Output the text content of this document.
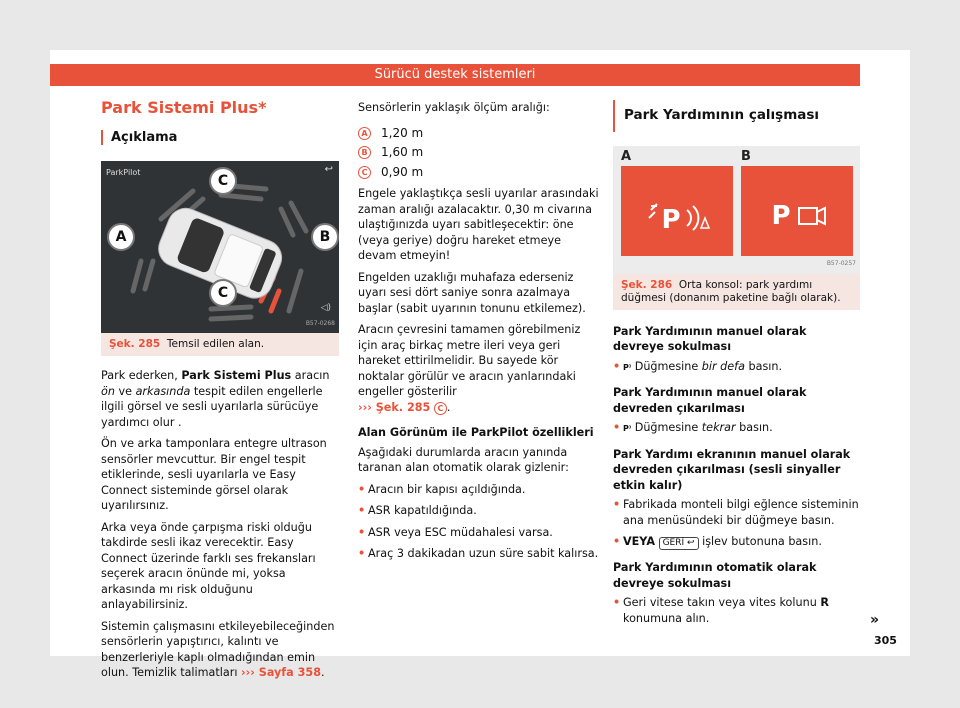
Sürücü destek sistemleri
Park Sistemi Plus*
Açıklama
ParkPilot	↩
C
A	B
C
◁)
B57-0268
Şek. 285 Temsil edilen alan.

Park ederken, Park Sistemi Plus aracın ön ve arkasında tespit edilen engellerle ilgili görsel ve sesli uyarılarla sürücüye yardımcı olur .

Ön ve arka tamponlara entegre ultrason sensörler mevcuttur. Bir engel tespit etiklerinde, sesli uyarılarla ve Easy Connect sisteminde görsel olarak uyarılırsınız.

Arka veya önde çarpışma riski olduğu takdirde sesli ikaz verecektir. Easy Connect üzerinde farklı ses frekansları seçerek aracın önünde mi, yoksa arkasında mı risk olduğunu anlayabilirsiniz.

Sistemin çalışmasını etkileyebileceğinden sensörlerin yapıştırıcı, kalıntı ve benzerleriyle kaplı olmadığından emin olun. Temizlik talimatları ››› Sayfa 358.

Sensörlerin yaklaşık ölçüm aralığı:

A 1,20 m
B 1,60 m
C 0,90 m

Engele yaklaştıkça sesli uyarılar arasındaki zaman aralığı azalacaktır. 0,30 m civarına ulaştığınızda uyarı sabitleşecektir: öne (veya geriye) doğru hareket etmeye devam etmeyin!

Engelden uzaklığı muhafaza ederseniz uyarı sesi dört saniye sonra azalmaya başlar (sabit uyarının tonunu etkilemez).

Aracın çevresini tamamen görebilmeniz için araç birkaç metre ileri veya geri hareket ettirilmelidir. Bu sayede kör noktalar görülür ve aracın yanlarındaki engeller gösterilir
››› Şek. 285 C .

Alan Görünüm ile ParkPilot özellikleri

Aşağıdaki durumlarda aracın yanında taranan alan otomatik olarak gizlenir:

• Aracın bir kapısı açıldığında.
• ASR kapatıldığında.
• ASR veya ESC müdahalesi varsa.
• Araç 3 dakikadan uzun süre sabit kalırsa.
Park Yardımının çalışması
A	B
P	P
B57-0257
Şek. 286 Orta konsol: park yardımı düğmesi (donanım paketine bağlı olarak).
Park Yardımının manuel olarak devreye sokulması
• P⁾ Düğmesine bir defa basın.
Park Yardımının manuel olarak devreden çıkarılması
• P⁾ Düğmesine tekrar basın.
Park Yardımı ekranının manuel olarak devreden çıkarılması (sesli sinyaller etkin kalır)
• Fabrikada monteli bilgi eğlence sisteminin ana menüsündeki bir düğmeye basın.
• VEYA GERİ ↩ işlev butonuna basın.
Park Yardımının otomatik olarak devreye sokulması
• Geri vitese takın veya vites kolunu R konumuna alın.	»
305
